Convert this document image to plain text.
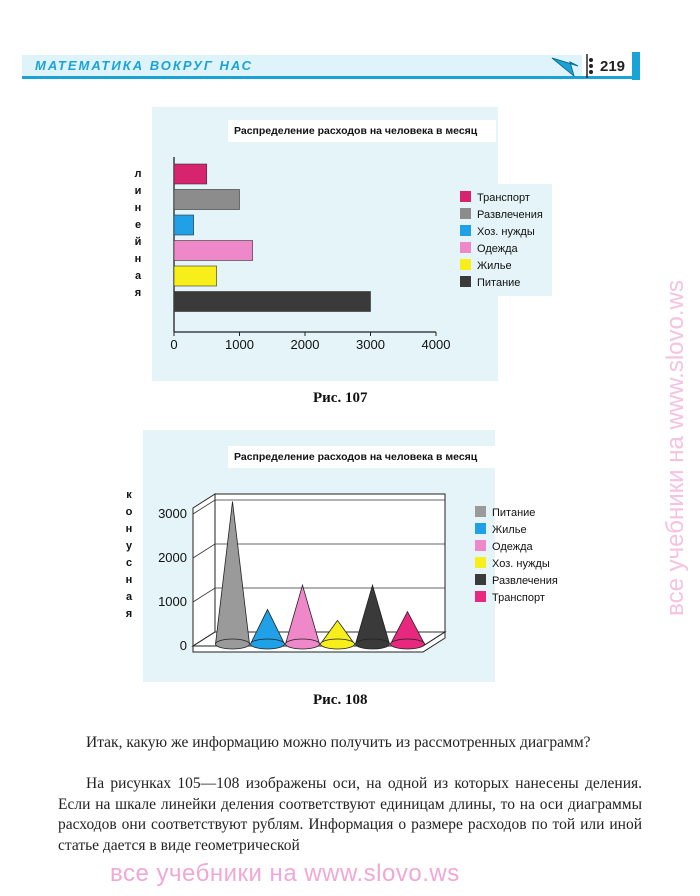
МАТЕМАТИКА ВОКРУГ НАС	219
Распределение расходов на человека в месяц
л
и
н
е
й
н
а
я
0	1000	2000	3000	4000
Транспорт
Развлечения
Хоз. нужды
Одежда
Жилье
Питание
Рис. 107
Распределение расходов на человека в месяц
к
о
н
у
с
н
а
я
0
1000
2000
3000	Питание
Жилье
Одежда
Хоз. нужды
Развлечения
Транспорт
Рис. 108
Итак, какую же информацию можно получить из рассмотренных диаграмм?
На рисунках 105—108 изображены оси, на одной из которых нанесены деления. Если на шкале линейки деления соответствуют единицам длины, то на оси диаграммы расходов они соответствуют рублям. Информация о размере расходов по той или иной статье дается в виде геометрической
все учебники на www.slovo.ws
все учебники на www.slovo.ws
